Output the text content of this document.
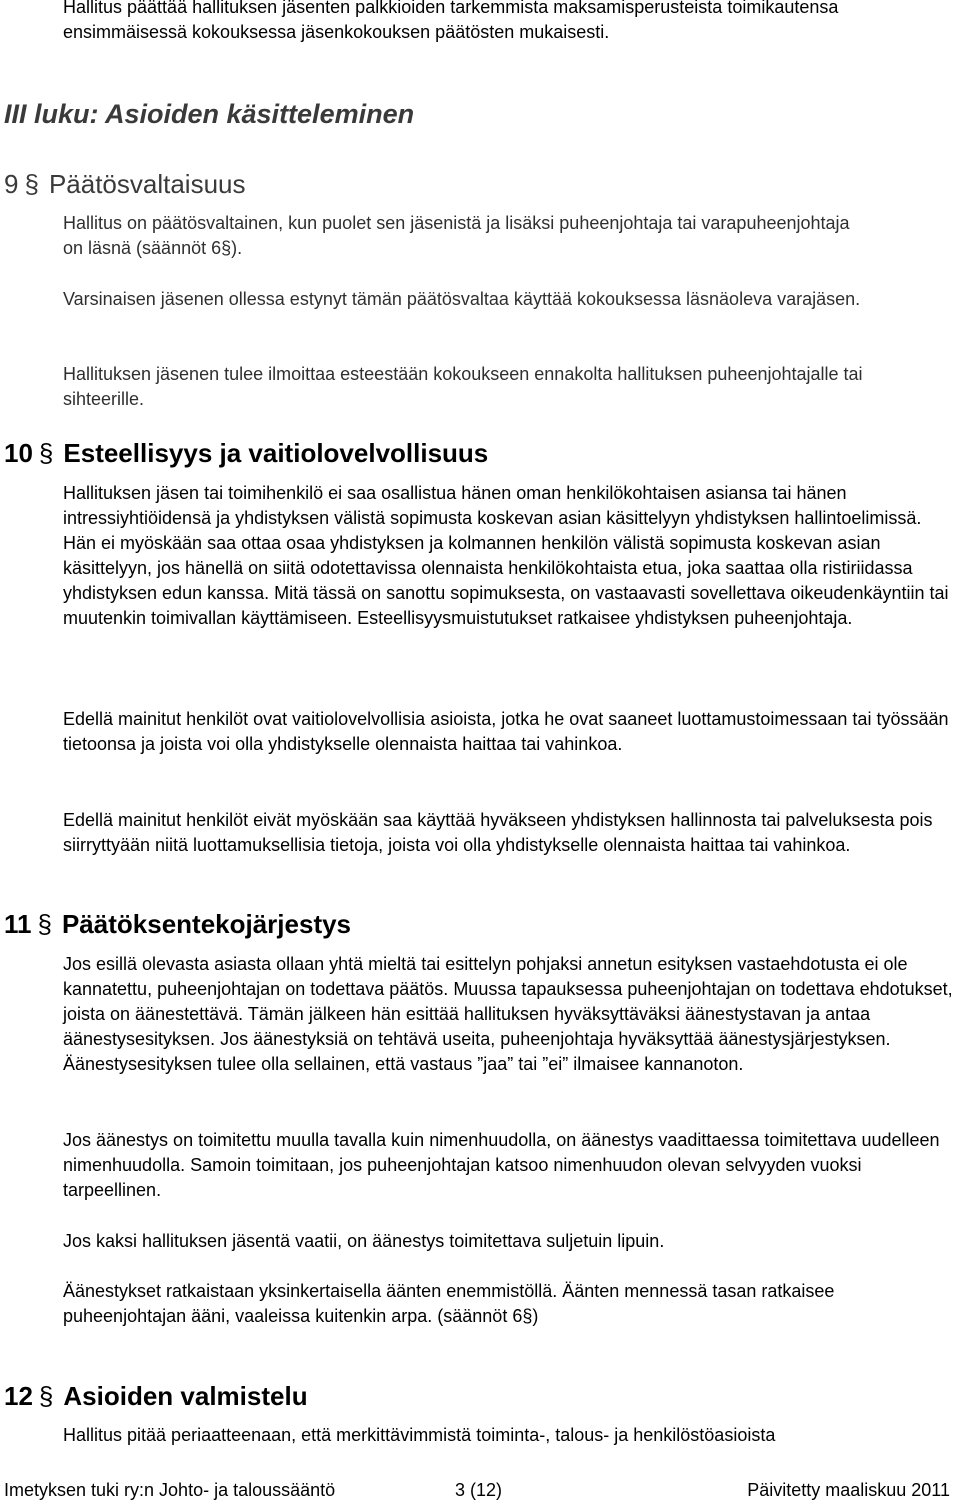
Hallitus päättää hallituksen jäsenten palkkioiden tarkemmista maksamisperusteista toimikautensa ensimmäisessä kokouksessa jäsenkokouksen päätösten mukaisesti.

III luku: Asioiden käsitteleminen
9 § Päätösvaltaisuus

Hallitus on päätösvaltainen, kun puolet sen jäsenistä ja lisäksi puheenjohtaja tai varapuheenjohtaja on läsnä (säännöt 6§).

Varsinaisen jäsenen ollessa estynyt tämän päätösvaltaa käyttää kokouksessa läsnäoleva varajäsen.

Hallituksen jäsenen tulee ilmoittaa esteestään kokoukseen ennakolta hallituksen puheenjohtajalle tai sihteerille.

10 § Esteellisyys ja vaitiolovelvollisuus

Hallituksen jäsen tai toimihenkilö ei saa osallistua hänen oman henkilökohtaisen asiansa tai hänen intressiyhtiöidensä ja yhdistyksen välistä sopimusta koskevan asian käsittelyyn yhdistyksen hallintoelimissä. Hän ei myöskään saa ottaa osaa yhdistyksen ja kolmannen henkilön välistä sopimusta koskevan asian käsittelyyn, jos hänellä on siitä odotettavissa olennaista henkilökohtaista etua, joka saattaa olla ristiriidassa yhdistyksen edun kanssa. Mitä tässä on sanottu sopimuksesta, on vastaavasti sovellettava oikeudenkäyntiin tai muutenkin toimivallan käyttämiseen. Esteellisyysmuistutukset ratkaisee yhdistyksen puheenjohtaja.

Edellä mainitut henkilöt ovat vaitiolovelvollisia asioista, jotka he ovat saaneet luottamustoimessaan tai työssään tietoonsa ja joista voi olla yhdistykselle olennaista haittaa tai vahinkoa.

Edellä mainitut henkilöt eivät myöskään saa käyttää hyväkseen yhdistyksen hallinnosta tai palveluksesta pois siirryttyään niitä luottamuksellisia tietoja, joista voi olla yhdistykselle olennaista haittaa tai vahinkoa.

11 § Päätöksentekojärjestys

Jos esillä olevasta asiasta ollaan yhtä mieltä tai esittelyn pohjaksi annetun esityksen vastaehdotusta ei ole kannatettu, puheenjohtajan on todettava päätös. Muussa tapauksessa puheenjohtajan on todettava ehdotukset, joista on äänestettävä. Tämän jälkeen hän esittää hallituksen hyväksyttäväksi äänestystavan ja antaa äänestysesityksen. Jos äänestyksiä on tehtävä useita, puheenjohtaja hyväksyttää äänestysjärjestyksen. Äänestysesityksen tulee olla sellainen, että vastaus ”jaa” tai ”ei” ilmaisee kannanoton.

Jos äänestys on toimitettu muulla tavalla kuin nimenhuudolla, on äänestys vaadittaessa toimitettava uudelleen nimenhuudolla. Samoin toimitaan, jos puheenjohtajan katsoo nimenhuudon olevan selvyyden vuoksi tarpeellinen.

Jos kaksi hallituksen jäsentä vaatii, on äänestys toimitettava suljetuin lipuin.

Äänestykset ratkaistaan yksinkertaisella äänten enemmistöllä. Äänten mennessä tasan ratkaisee puheenjohtajan ääni, vaaleissa kuitenkin arpa. (säännöt 6§)

12 § Asioiden valmistelu

Hallitus pitää periaatteenaan, että merkittävimmistä toiminta-, talous- ja henkilöstöasioista

Imetyksen tuki ry:n Johto- ja taloussääntö	3 (12)	Päivitetty maaliskuu 2011
